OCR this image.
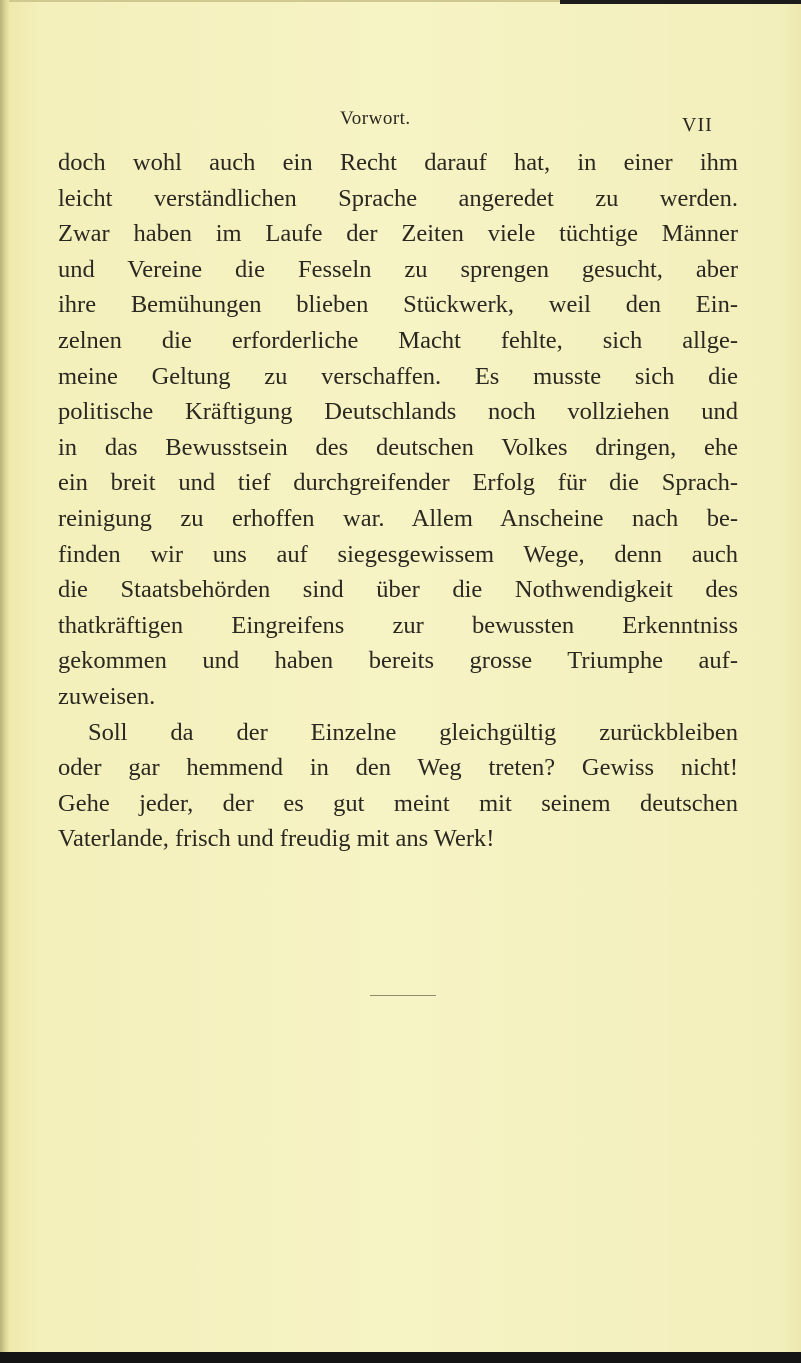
Vorwort.	VII
doch wohl auch ein Recht darauf hat, in einer ihm
leicht verständlichen Sprache angeredet zu werden.
Zwar haben im Laufe der Zeiten viele tüchtige Männer
und Vereine die Fesseln zu sprengen gesucht, aber
ihre Bemühungen blieben Stückwerk, weil den Ein-
zelnen die erforderliche Macht fehlte, sich allge-
meine Geltung zu verschaffen. Es musste sich die
politische Kräftigung Deutschlands noch vollziehen und
in das Bewusstsein des deutschen Volkes dringen, ehe
ein breit und tief durchgreifender Erfolg für die Sprach-
reinigung zu erhoffen war. Allem Anscheine nach be-
finden wir uns auf siegesgewissem Wege, denn auch
die Staatsbehörden sind über die Nothwendigkeit des
thatkräftigen Eingreifens zur bewussten Erkenntniss
gekommen und haben bereits grosse Triumphe auf-
zuweisen.
Soll da der Einzelne gleichgültig zurückbleiben
oder gar hemmend in den Weg treten? Gewiss nicht!
Gehe jeder, der es gut meint mit seinem deutschen
Vaterlande, frisch und freudig mit ans Werk!
